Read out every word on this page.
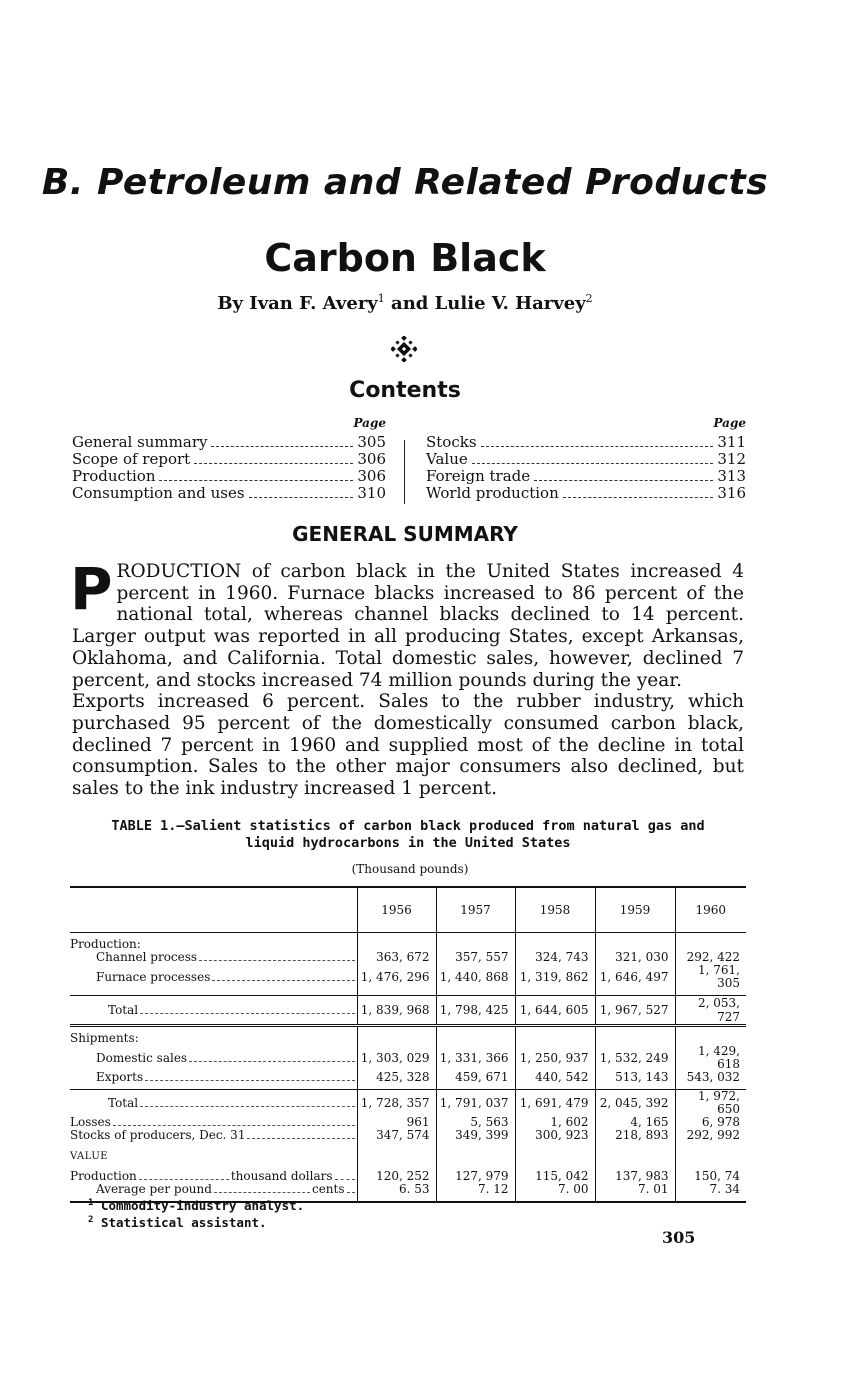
B. Petroleum and Related Products
Carbon Black
By Ivan F. Avery$^1$ and Lulie V. Harvey$^2$
Contents
Page
General summary	305
Scope of report	306
Production	306
Consumption and uses	310
Page
Stocks	311
Value	312
Foreign trade	313
World production	316
GENERAL SUMMARY

PRODUCTION of carbon black in the United States increased 4 percent in 1960. Furnace blacks increased to 86 percent of the national total, whereas channel blacks declined to 14 percent. Larger output was reported in all producing States, except Arkansas, Oklahoma, and California. Total domestic sales, however, declined 7 percent, and stocks increased 74 million pounds during the year.

Exports increased 6 percent. Sales to the rubber industry, which purchased 95 percent of the domestically consumed carbon black, declined 7 percent in 1960 and supplied most of the decline in total consumption. Sales to the other major consumers also declined, but sales to the ink industry increased 1 percent.

TABLE 1.—Salient statistics of carbon black produced from natural gas and
liquid hydrocarbons in the United States
(Thousand pounds)
	1956	1957	1958	1959	1960

Production:					

Channel process	363, 672	357, 557	324, 743	321, 030	292, 422

Furnace processes	1, 476, 296	1, 440, 868	1, 319, 862	1, 646, 497	1, 761, 305

Total	1, 839, 968	1, 798, 425	1, 644, 605	1, 967, 527	2, 053, 727

Shipments:					

Domestic sales	1, 303, 029	1, 331, 366	1, 250, 937	1, 532, 249	1, 429, 618

Exports	425, 328	459, 671	440, 542	513, 143	543, 032

Total	1, 728, 357	1, 791, 037	1, 691, 479	2, 045, 392	1, 972, 650

Losses	961	5, 563	1, 602	4, 165	6, 978

Stocks of producers, Dec. 31	347, 574	349, 399	300, 923	218, 893	292, 992
VALUE					

Production thousand dollars	120, 252	127, 979	115, 042	137, 983	150, 74

Average per pound cents	6. 53	7. 12	7. 00	7. 01	7. 34

$^1$ Commodity-industry analyst.
$^2$ Statistical assistant.
305
